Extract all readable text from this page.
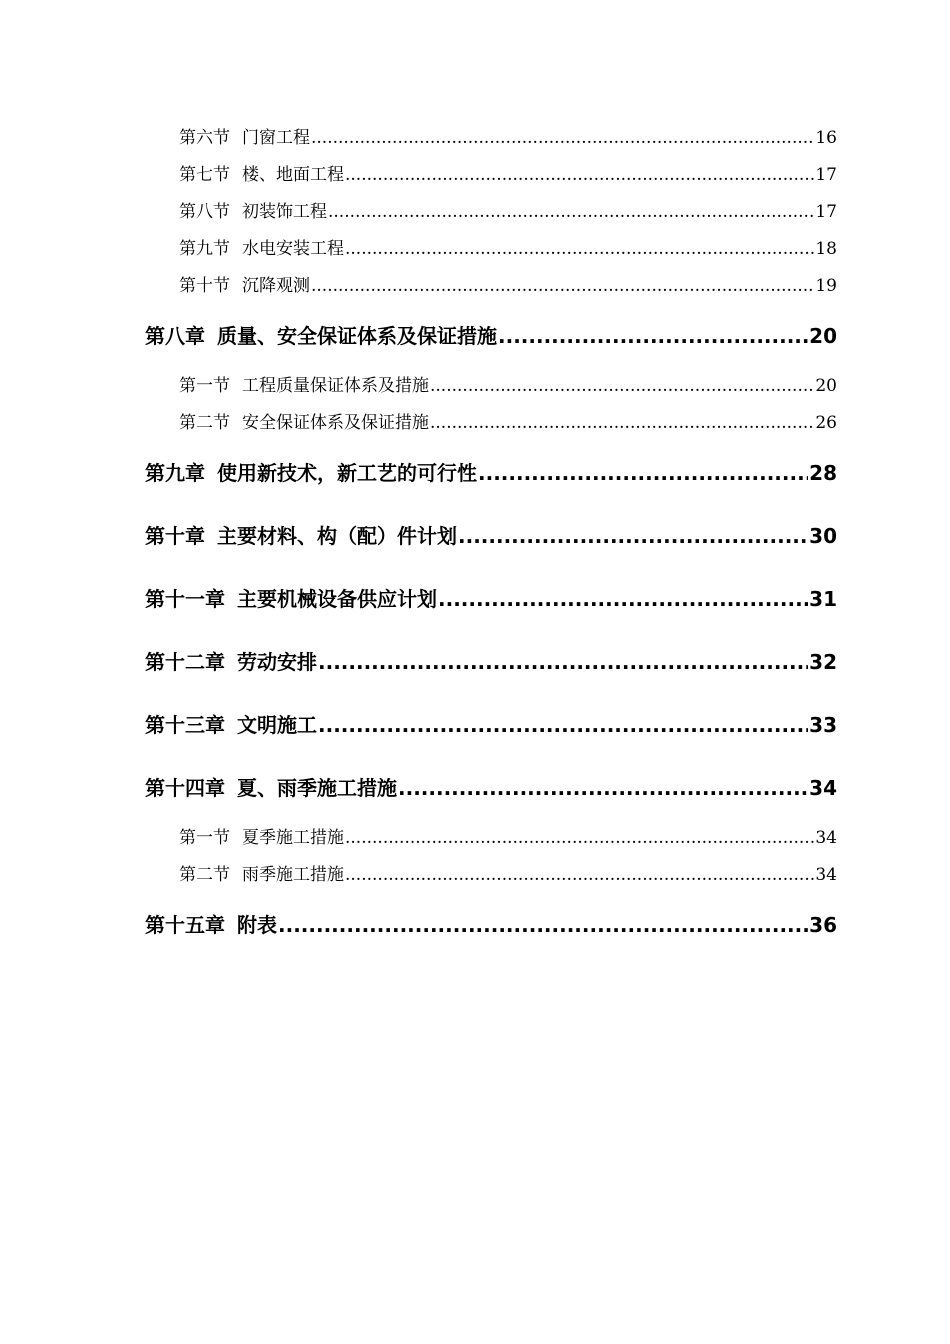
第六节 门窗工程 .....	16
第七节 楼、地面工程 .....	17
第八节 初装饰工程 .....	17
第九节 水电安装工程 .....	18
第十节 沉降观测 .....	19
第八章 质量、安全保证体系及保证措施 .....	20
第一节 工程质量保证体系及措施 .....	20
第二节 安全保证体系及保证措施 .....	26
第九章 使用新技术，新工艺的可行性 .....	28
第十章 主要材料、构（配）件计划 .....	30
第十一章 主要机械设备供应计划 .....	31
第十二章 劳动安排 .....	32
第十三章 文明施工 .....	33
第十四章 夏、雨季施工措施 .....	34
第一节 夏季施工措施 .....	34
第二节 雨季施工措施 .....	34
第十五章 附表 .....	36
